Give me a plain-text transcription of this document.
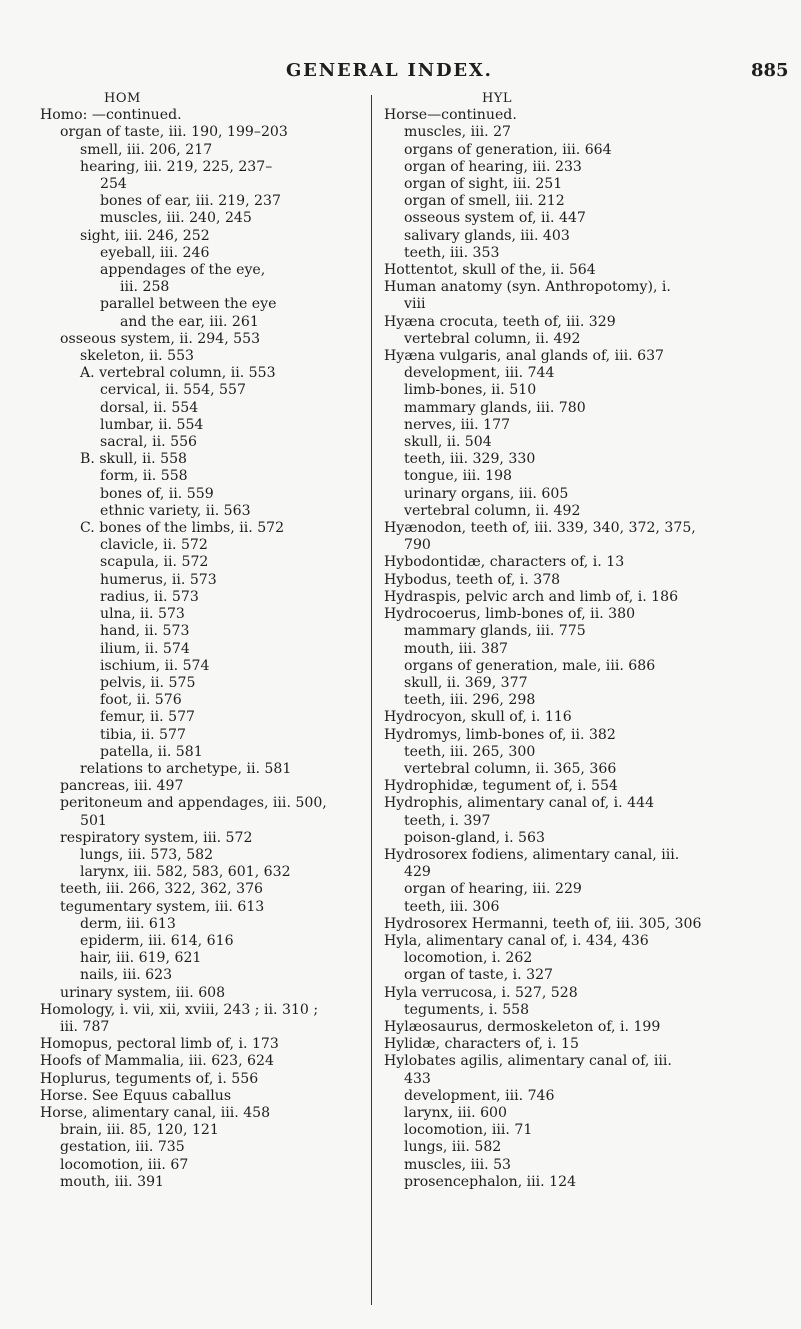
GENERAL INDEX.	885
HOM
Homo: —continued.
organ of taste, iii. 190, 199–203
smell, iii. 206, 217
hearing, iii. 219, 225, 237–
254
bones of ear, iii. 219, 237
muscles, iii. 240, 245
sight, iii. 246, 252
eyeball, iii. 246
appendages of the eye,
iii. 258
parallel between the eye
and the ear, iii. 261
osseous system, ii. 294, 553
skeleton, ii. 553
A. vertebral column, ii. 553
cervical, ii. 554, 557
dorsal, ii. 554
lumbar, ii. 554
sacral, ii. 556
B. skull, ii. 558
form, ii. 558
bones of, ii. 559
ethnic variety, ii. 563
C. bones of the limbs, ii. 572
clavicle, ii. 572
scapula, ii. 572
humerus, ii. 573
radius, ii. 573
ulna, ii. 573
hand, ii. 573
ilium, ii. 574
ischium, ii. 574
pelvis, ii. 575
foot, ii. 576
femur, ii. 577
tibia, ii. 577
patella, ii. 581
relations to archetype, ii. 581
pancreas, iii. 497
peritoneum and appendages, iii. 500,
501
respiratory system, iii. 572
lungs, iii. 573, 582
larynx, iii. 582, 583, 601, 632
teeth, iii. 266, 322, 362, 376
tegumentary system, iii. 613
derm, iii. 613
epiderm, iii. 614, 616
hair, iii. 619, 621
nails, iii. 623
urinary system, iii. 608
Homology, i. vii, xii, xviii, 243 ; ii. 310 ;
iii. 787
Homopus, pectoral limb of, i. 173
Hoofs of Mammalia, iii. 623, 624
Hoplurus, teguments of, i. 556
Horse. See Equus caballus
Horse, alimentary canal, iii. 458
brain, iii. 85, 120, 121
gestation, iii. 735
locomotion, iii. 67
mouth, iii. 391
HYL
Horse—continued.
muscles, iii. 27
organs of generation, iii. 664
organ of hearing, iii. 233
organ of sight, iii. 251
organ of smell, iii. 212
osseous system of, ii. 447
salivary glands, iii. 403
teeth, iii. 353
Hottentot, skull of the, ii. 564
Human anatomy (syn. Anthropotomy), i.
viii
Hyæna crocuta, teeth of, iii. 329
vertebral column, ii. 492
Hyæna vulgaris, anal glands of, iii. 637
development, iii. 744
limb-bones, ii. 510
mammary glands, iii. 780
nerves, iii. 177
skull, ii. 504
teeth, iii. 329, 330
tongue, iii. 198
urinary organs, iii. 605
vertebral column, ii. 492
Hyænodon, teeth of, iii. 339, 340, 372, 375,
790
Hybodontidæ, characters of, i. 13
Hybodus, teeth of, i. 378
Hydraspis, pelvic arch and limb of, i. 186
Hydrocoerus, limb-bones of, ii. 380
mammary glands, iii. 775
mouth, iii. 387
organs of generation, male, iii. 686
skull, ii. 369, 377
teeth, iii. 296, 298
Hydrocyon, skull of, i. 116
Hydromys, limb-bones of, ii. 382
teeth, iii. 265, 300
vertebral column, ii. 365, 366
Hydrophidæ, tegument of, i. 554
Hydrophis, alimentary canal of, i. 444
teeth, i. 397
poison-gland, i. 563
Hydrosorex fodiens, alimentary canal, iii.
429
organ of hearing, iii. 229
teeth, iii. 306
Hydrosorex Hermanni, teeth of, iii. 305, 306
Hyla, alimentary canal of, i. 434, 436
locomotion, i. 262
organ of taste, i. 327
Hyla verrucosa, i. 527, 528
teguments, i. 558
Hylæosaurus, dermoskeleton of, i. 199
Hylidæ, characters of, i. 15
Hylobates agilis, alimentary canal of, iii.
433
development, iii. 746
larynx, iii. 600
locomotion, iii. 71
lungs, iii. 582
muscles, iii. 53
prosencephalon, iii. 124
